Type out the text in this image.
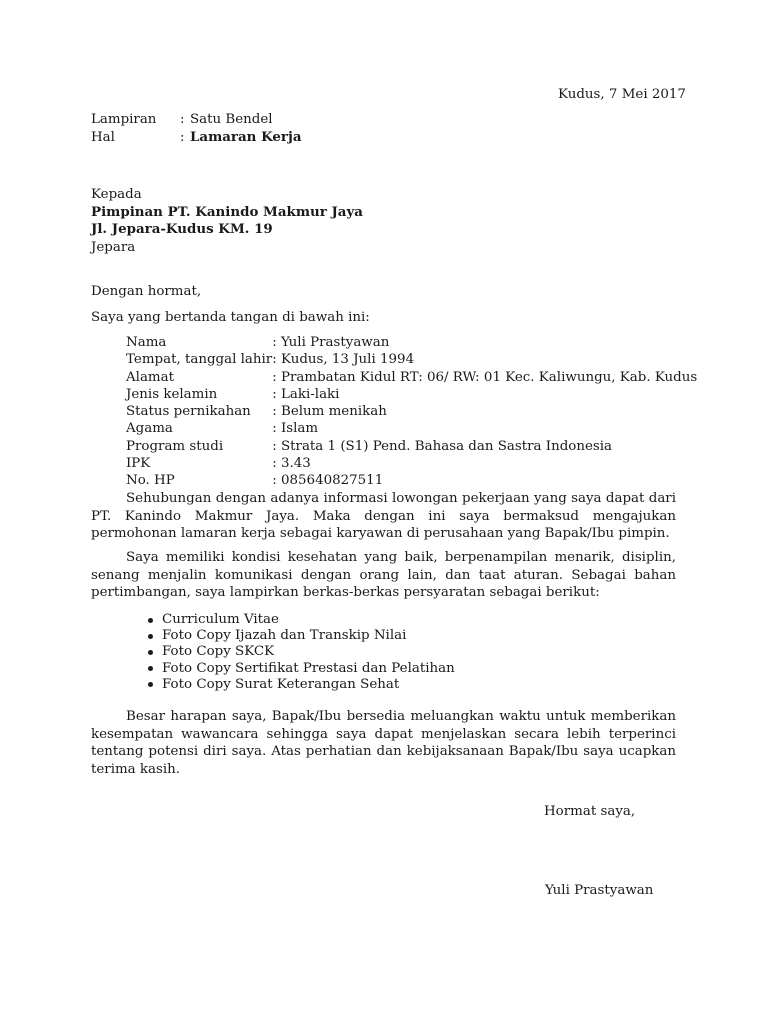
Kudus, 7 Mei 2017
Lampiran : Satu Bendel
Hal	: Lamaran Kerja
Kepada
Pimpinan PT. Kanindo Makmur Jaya
Jl. Jepara-Kudus KM. 19
Jepara
Dengan hormat,
Saya yang bertanda tangan di bawah ini:
Nama	:	Yuli Prastyawan
Tempat, tanggal lahir	:	Kudus, 13 Juli 1994
Alamat	:	Prambatan Kidul RT: 06/ RW: 01 Kec. Kaliwungu, Kab. Kudus
Jenis kelamin	:	Laki-laki
Status pernikahan	:	Belum menikah
Agama	:	Islam
Program studi	:	Strata 1 (S1) Pend. Bahasa dan Sastra Indonesia
IPK	:	3.43
No. HP	:	085640827511

Sehubungan dengan adanya informasi lowongan pekerjaan yang saya dapat dari PT. Kanindo Makmur Jaya. Maka dengan ini saya bermaksud mengajukan permohonan lamaran kerja sebagai karyawan di perusahaan yang Bapak/Ibu pimpin.

Saya memiliki kondisi kesehatan yang baik, berpenampilan menarik, disiplin, senang menjalin komunikasi dengan orang lain, dan taat aturan. Sebagai bahan pertimbangan, saya lampirkan berkas-berkas persyaratan sebagai berikut:

Curriculum Vitae
Foto Copy Ijazah dan Transkip Nilai
Foto Copy SKCK
Foto Copy Sertifikat Prestasi dan Pelatihan
Foto Copy Surat Keterangan Sehat

Besar harapan saya, Bapak/Ibu bersedia meluangkan waktu untuk memberikan kesempatan wawancara sehingga saya dapat menjelaskan secara lebih terperinci tentang potensi diri saya. Atas perhatian dan kebijaksanaan Bapak/Ibu saya ucapkan terima kasih.

Hormat saya,
Yuli Prastyawan
